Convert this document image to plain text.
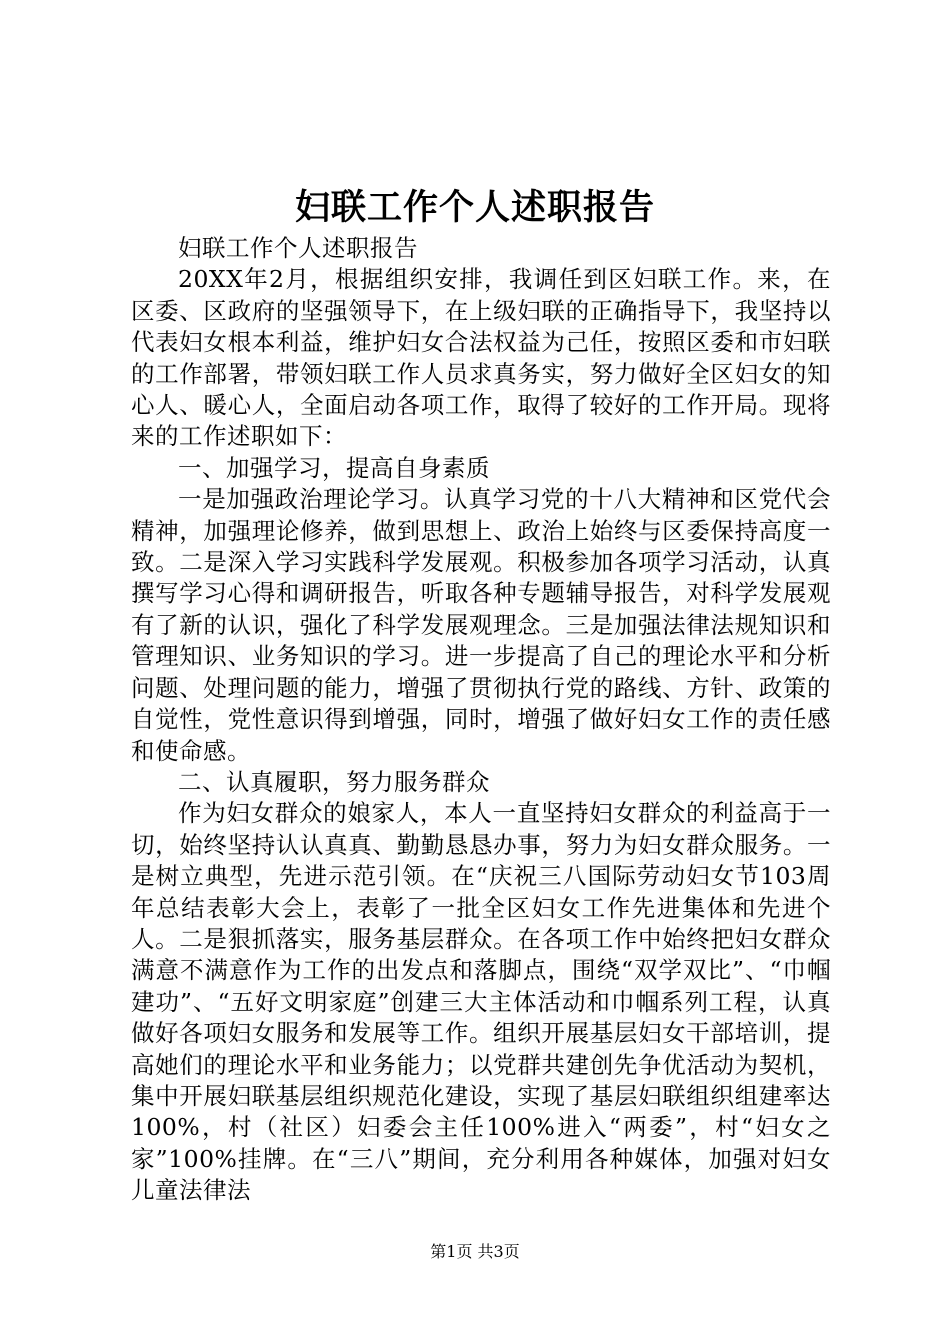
妇联工作个人述职报告

妇联工作个人述职报告

20XX年2月，根据组织安排，我调任到区妇联工作。来，在区委、区政府的坚强领导下，在上级妇联的正确指导下，我坚持以代表妇女根本利益，维护妇女合法权益为己任，按照区委和市妇联的工作部署，带领妇联工作人员求真务实，努力做好全区妇女的知心人、暖心人，全面启动各项工作，取得了较好的工作开局。现将来的工作述职如下：

一、加强学习，提高自身素质

一是加强政治理论学习。认真学习党的十八大精神和区党代会精神，加强理论修养，做到思想上、政治上始终与区委保持高度一致。二是深入学习实践科学发展观。积极参加各项学习活动，认真撰写学习心得和调研报告，听取各种专题辅导报告，对科学发展观有了新的认识，强化了科学发展观理念。三是加强法律法规知识和管理知识、业务知识的学习。进一步提高了自己的理论水平和分析问题、处理问题的能力，增强了贯彻执行党的路线、方针、政策的自觉性，党性意识得到增强，同时，增强了做好妇女工作的责任感和使命感。

二、认真履职，努力服务群众

作为妇女群众的娘家人，本人一直坚持妇女群众的利益高于一切，始终坚持认认真真、勤勤恳恳办事，努力为妇女群众服务。一是树立典型，先进示范引领。在“庆祝三八国际劳动妇女节103周年总结表彰大会上，表彰了一批全区妇女工作先进集体和先进个人。二是狠抓落实，服务基层群众。在各项工作中始终把妇女群众满意不满意作为工作的出发点和落脚点，围绕“双学双比”、“巾帼建功”、“五好文明家庭”创建三大主体活动和巾帼系列工程，认真做好各项妇女服务和发展等工作。组织开展基层妇女干部培训，提高她们的理论水平和业务能力；以党群共建创先争优活动为契机，集中开展妇联基层组织规范化建设，实现了基层妇联组织组建率达100%，村（社区）妇委会主任100%进入“两委”，村“妇女之家”100%挂牌。在“三八”期间，充分利用各种媒体，加强对妇女儿童法律法

第1页 共3页
